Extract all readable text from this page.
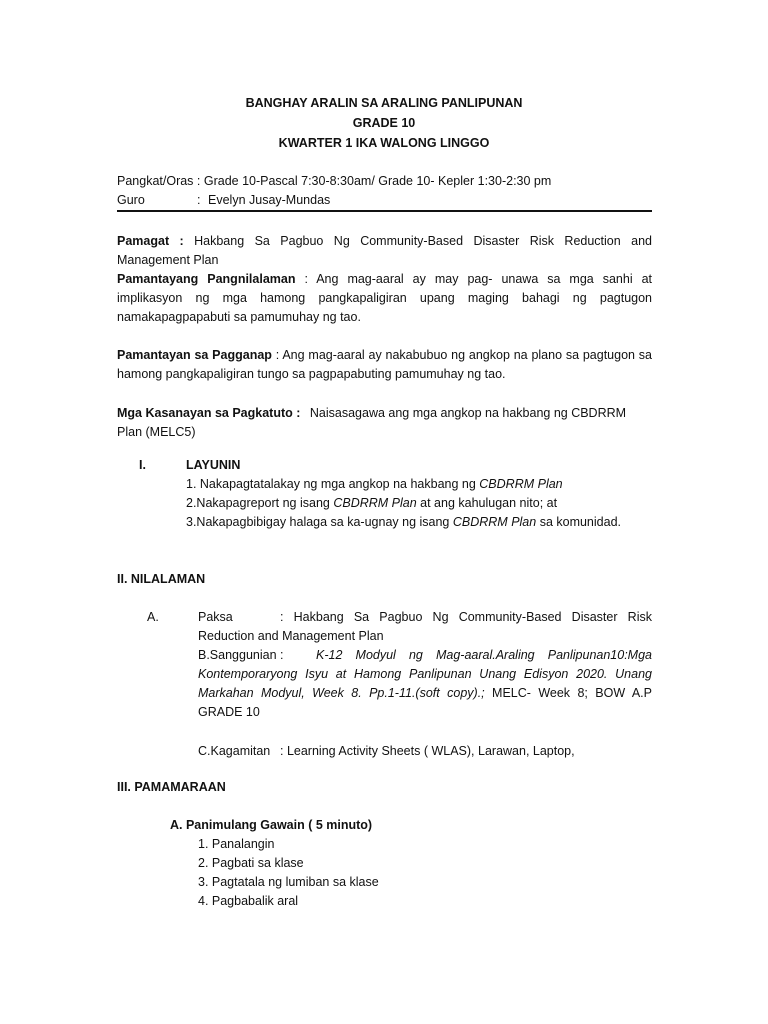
BANGHAY ARALIN SA ARALING PANLIPUNAN
GRADE 10
KWARTER 1 IKA WALONG LINGGO
Pangkat/Oras : Grade 10-Pascal 7:30-8:30am/ Grade 10- Kepler 1:30-2:30 pm
Guro	: Evelyn Jusay-Mundas
Pamagat : Hakbang Sa Pagbuo Ng Community-Based Disaster Risk Reduction and Management Plan
Pamantayang Pangnilalaman : Ang mag-aaral ay may pag- unawa sa mga sanhi at implikasyon ng mga hamong pangkapaligiran upang maging bahagi ng pagtugon namakapagpapabuti sa pamumuhay ng tao.
Pamantayan sa Pagganap : Ang mag-aaral ay nakabubuo ng angkop na plano sa pagtugon sa hamong pangkapaligiran tungo sa pagpapabuting pamumuhay ng tao.
Mga Kasanayan sa Pagkatuto : Naisasagawa ang mga angkop na hakbang ng CBDRRM Plan (MELC5)
I.	LAYUNIN
1. Nakapagtatalakay ng mga angkop na hakbang ng CBDRRM Plan
2.Nakapagreport ng isang CBDRRM Plan at ang kahulugan nito; at
3.Nakapagbibigay halaga sa ka-ugnay ng isang CBDRRM Plan sa komunidad.
II. NILALAMAN
A.	Paksa	: Hakbang Sa Pagbuo Ng Community-Based Disaster Risk Reduction and Management Plan
B.Sanggunian :	K-12 Modyul ng Mag-aaral.Araling Panlipunan10:Mga Kontemporaryong Isyu at Hamong Panlipunan Unang Edisyon 2020. Unang Markahan Modyul, Week 8. Pp.1-11.(soft copy).; MELC- Week 8; BOW A.P GRADE 10
C.Kagamitan : Learning Activity Sheets ( WLAS), Larawan, Laptop,
III. PAMAMARAAN
A. Panimulang Gawain ( 5 minuto)
1. Panalangin
2. Pagbati sa klase
3. Pagtatala ng lumiban sa klase
4. Pagbabalik aral
